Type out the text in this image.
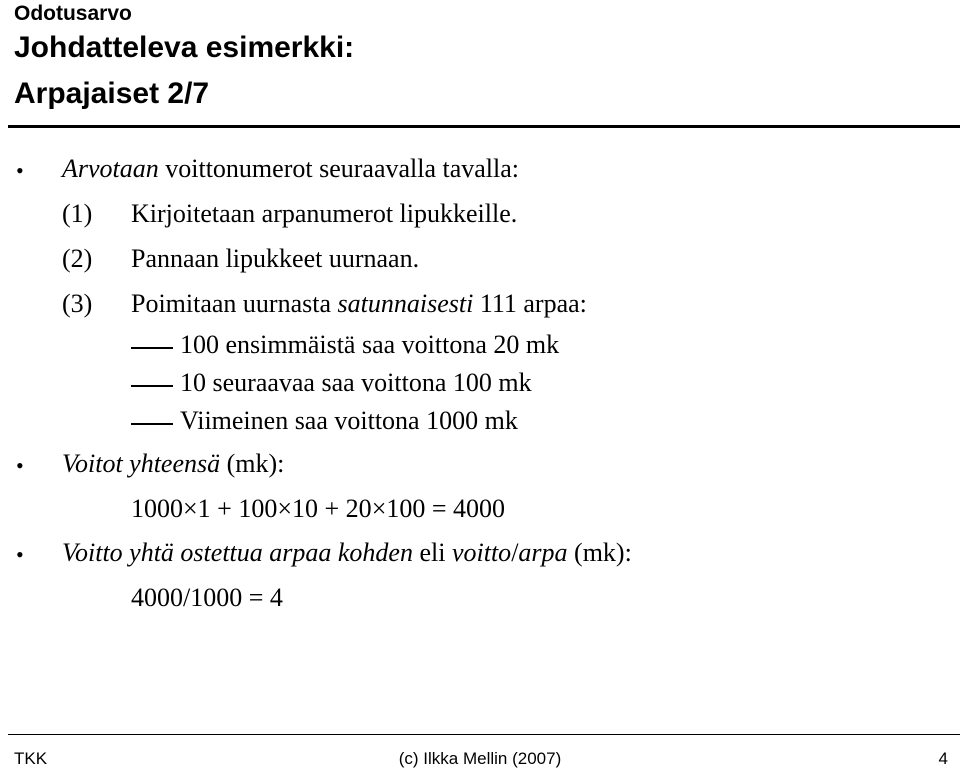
Odotusarvo
Johdatteleva esimerkki:
Arpajaiset 2/7
• Arvotaan voittonumerot seuraavalla tavalla:
(1) Kirjoitetaan arpanumerot lipukkeille.
(2) Pannaan lipukkeet uurnaan.
(3) Poimitaan uurnasta satunnaisesti 111 arpaa:
100 ensimmäistä saa voittona 20 mk
10 seuraavaa saa voittona 100 mk
Viimeinen saa voittona 1000 mk
• Voitot yhteensä (mk):
1000×1 + 100×10 + 20×100 = 4000
• Voitto yhtä ostettua arpaa kohden eli voitto/arpa (mk):
4000/1000 = 4
TKK	(c) Ilkka Mellin (2007)	4
